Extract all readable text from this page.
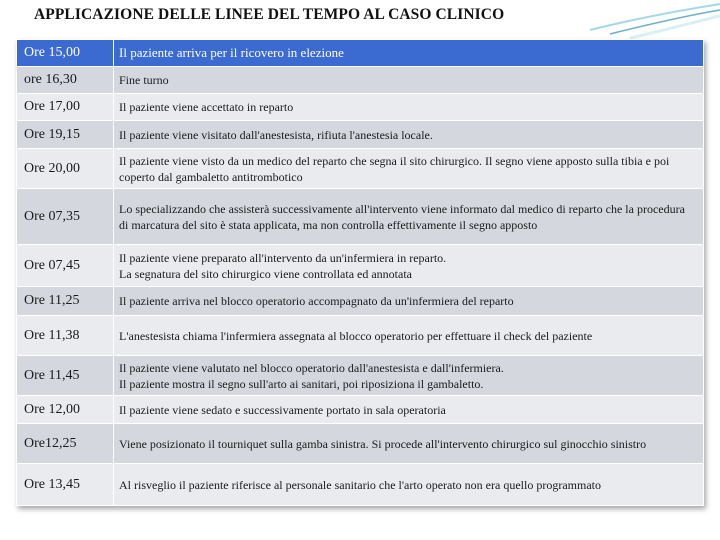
APPLICAZIONE DELLE LINEE DEL TEMPO AL CASO CLINICO
Ore 15,00	Il paziente arriva per il ricovero in elezione
ore 16,30	Fine turno
Ore 17,00	Il paziente viene accettato in reparto
Ore 19,15	Il paziente viene visitato dall'anestesista, rifiuta l'anestesia locale.
Ore 20,00	Il paziente viene visto da un medico del reparto che segna il sito chirurgico. Il segno viene apposto sulla tibia e poi coperto dal gambaletto antitrombotico
Ore 07,35	Lo specializzando che assisterà successivamente all'intervento viene informato dal medico di reparto che la procedura di marcatura del sito è stata applicata, ma non controlla effettivamente il segno apposto
Ore 07,45	Il paziente viene preparato all'intervento da un'infermiera in reparto.
La segnatura del sito chirurgico viene controllata ed annotata
Ore 11,25	Il paziente arriva nel blocco operatorio accompagnato da un'infermiera del reparto
Ore 11,38	L'anestesista chiama l'infermiera assegnata al blocco operatorio per effettuare il check del paziente
Ore 11,45	Il paziente viene valutato nel blocco operatorio dall'anestesista e dall'infermiera.
Il paziente mostra il segno sull'arto ai sanitari, poi riposiziona il gambaletto.
Ore 12,00	Il paziente viene sedato e successivamente portato in sala operatoria
Ore12,25	Viene posizionato il tourniquet sulla gamba sinistra. Si procede all'intervento chirurgico sul ginocchio sinistro
Ore 13,45	Al risveglio il paziente riferisce al personale sanitario che l'arto operato non era quello programmato
